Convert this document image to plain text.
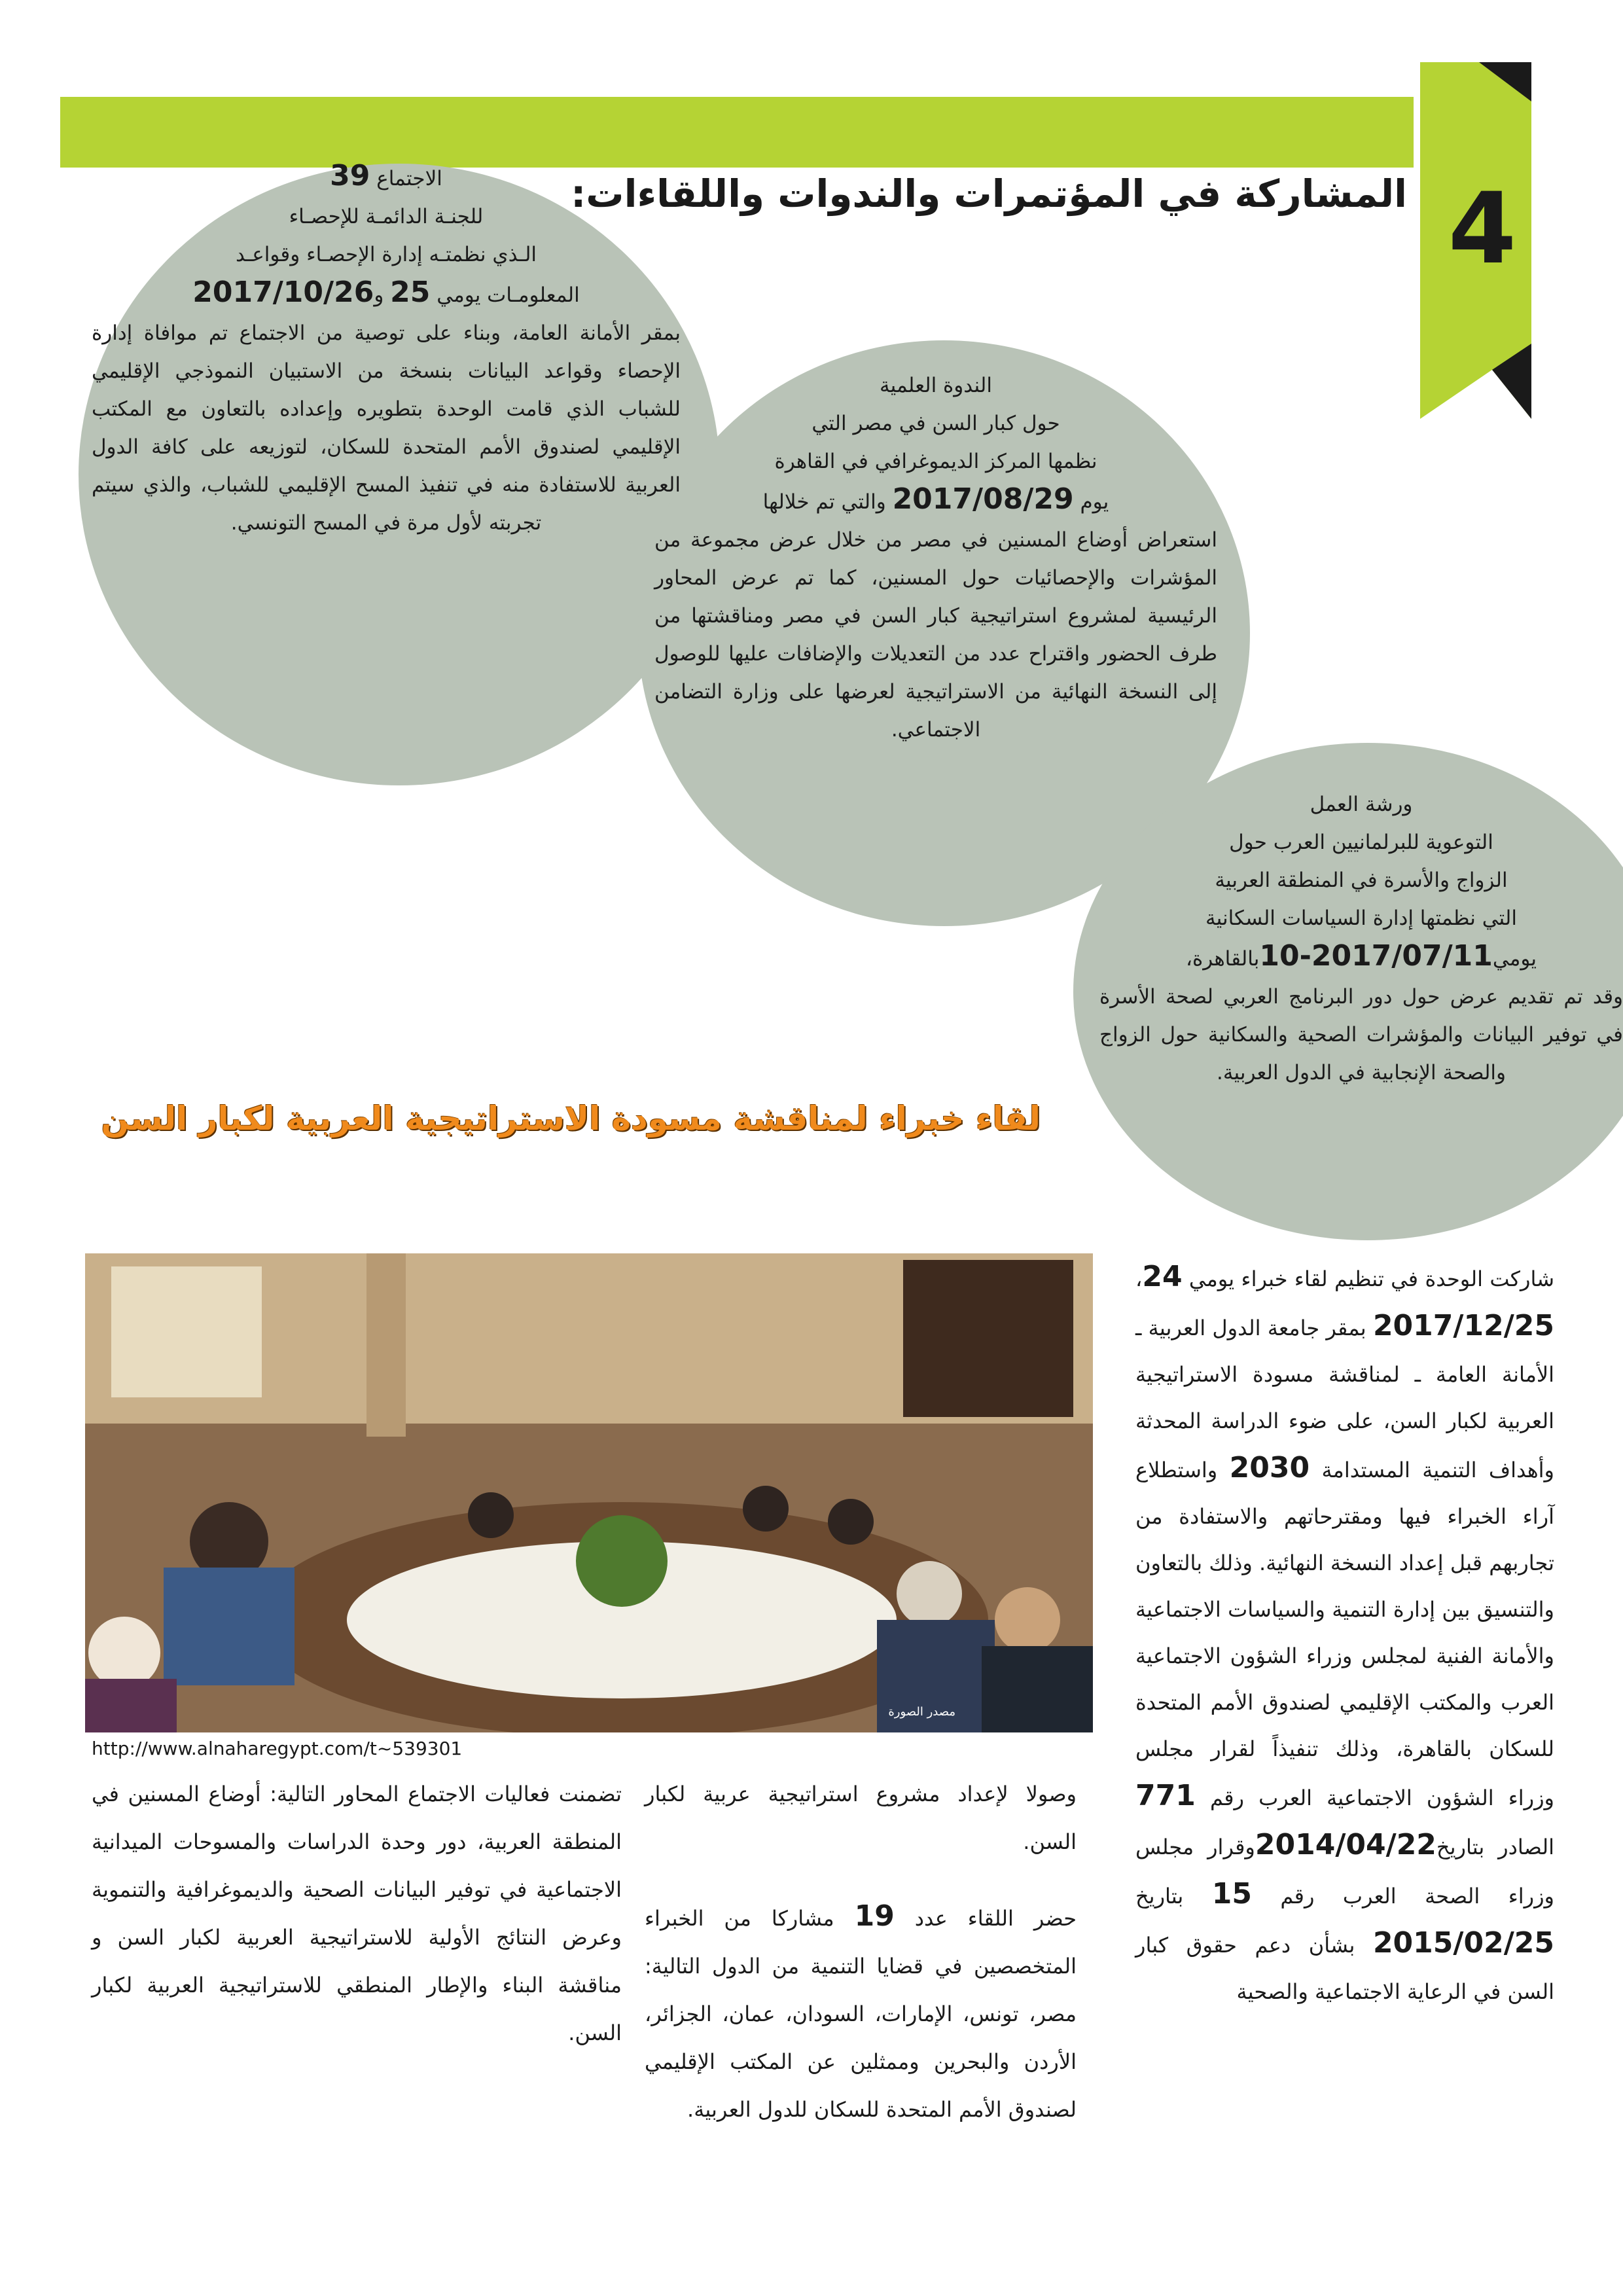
4
المشاركة في المؤتمرات والندوات واللقاءات:
الاجتماع 39
للجنـة الدائمـة للإحصـاء
الـذي نظمتـه إدارة الإحصـاء وقواعـد
المعلومـات يومي 25 و2017/10/26
بمقر الأمانة العامة، وبناء على توصية من الاجتماع تم موافاة إدارة الإحصاء وقواعد البيانات بنسخة من الاستبيان النموذجي الإقليمي للشباب الذي قامت الوحدة بتطويره وإعداده بالتعاون مع المكتب الإقليمي لصندوق الأمم المتحدة للسكان، لتوزيعه على كافة الدول العربية للاستفادة منه في تنفيذ المسح الإقليمي للشباب، والذي سيتم تجربته لأول مرة في المسح التونسي.
الندوة العلمية
حول كبار السن في مصر التي
نظمها المركز الديموغرافي في القاهرة
يوم 2017/08/29 والتي تم خلالها
استعراض أوضاع المسنين في مصر من خلال عرض مجموعة من المؤشرات والإحصائيات حول المسنين، كما تم عرض المحاور الرئيسية لمشروع استراتيجية كبار السن في مصر ومناقشتها من طرف الحضور واقتراح عدد من التعديلات والإضافات عليها للوصول إلى النسخة النهائية من الاستراتيجية لعرضها على وزارة التضامن الاجتماعي.
ورشة العمل
التوعوية للبرلمانيين العرب حول
الزواج والأسرة في المنطقة العربية
التي نظمتها إدارة السياسات السكانية
يومي10-2017/07/11بالقاهرة،
وقد تم تقديم عرض حول دور البرنامج العربي لصحة الأسرة في توفير البيانات والمؤشرات الصحية والسكانية حول الزواج والصحة الإنجابية في الدول العربية.
لقاء خبراء لمناقشة مسودة الاستراتيجية العربية لكبار السن
مصدر الصورة
http://www.alnaharegypt.com/t~539301

شاركت الوحدة في تنظيم لقاء خبراء يومي 24، 2017/12/25 بمقر جامعة الدول العربية ـ الأمانة العامة ـ لمناقشة مسودة الاستراتيجية العربية لكبار السن، على ضوء الدراسة المحدثة وأهداف التنمية المستدامة 2030 واستطلاع آراء الخبراء فيها ومقترحاتهم والاستفادة من تجاربهم قبل إعداد النسخة النهائية. وذلك بالتعاون والتنسيق بين إدارة التنمية والسياسات الاجتماعية والأمانة الفنية لمجلس وزراء الشؤون الاجتماعية العرب والمكتب الإقليمي لصندوق الأمم المتحدة للسكان بالقاهرة، وذلك تنفيذاً لقرار مجلس وزراء الشؤون الاجتماعية العرب رقم 771 الصادر بتاريخ2014/04/22وقرار مجلس وزراء الصحة العرب رقم 15 بتاريخ 2015/02/25 بشأن دعم حقوق كبار السن في الرعاية الاجتماعية والصحية

وصولا لإعداد مشروع استراتيجية عربية لكبار السن.

حضر اللقاء عدد 19 مشاركا من الخبراء المتخصصين في قضايا التنمية من الدول التالية: مصر، تونس، الإمارات، السودان، عمان، الجزائر، الأردن والبحرين وممثلين عن المكتب الإقليمي لصندوق الأمم المتحدة للسكان للدول العربية.

تضمنت فعاليات الاجتماع المحاور التالية: أوضاع المسنين في المنطقة العربية، دور وحدة الدراسات والمسوحات الميدانية الاجتماعية في توفير البيانات الصحية والديموغرافية والتنموية وعرض النتائج الأولية للاستراتيجية العربية لكبار السن و مناقشة البناء والإطار المنطقي للاستراتيجية العربية لكبار السن.
